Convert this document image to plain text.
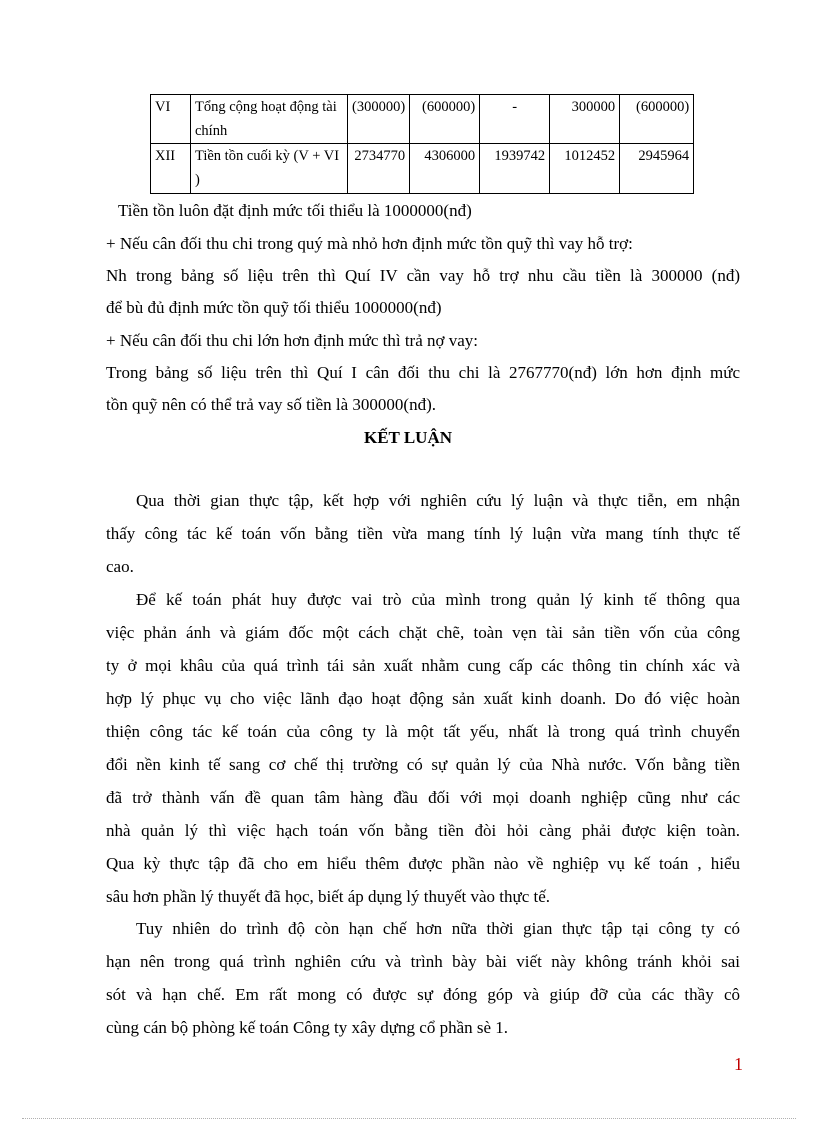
VI	Tổng cộng hoạt động tài chính	(300000)	(600000)	-	300000	(600000)
XII	Tiền tồn cuối kỳ (V + VI )	2734770	4306000	1939742	1012452	2945964
Tiền tồn luôn đặt định mức tối thiểu là 1000000(nđ)
+ Nếu cân đối thu chi trong quý mà nhỏ hơn định mức tồn quỹ thì vay hỗ trợ:
Nh trong bảng số liệu trên thì Quí IV cần vay hỗ trợ nhu cầu tiền là 300000 (nđ)
để bù đủ định mức tồn quỹ tối thiểu 1000000(nđ)
+ Nếu cân đối thu chi lớn hơn định mức thì trả nợ vay:
Trong bảng số liệu trên thì Quí I cân đối thu chi là 2767770(nđ) lớn hơn định mức
tồn quỹ nên có thể trả vay số tiền là 300000(nđ).
KẾT LUẬN
Qua thời gian thực tập, kết hợp với nghiên cứu lý luận và thực tiễn, em nhận
thấy công tác kế toán vốn bằng tiền vừa mang tính lý luận vừa mang tính thực tế
cao.
Để kế toán phát huy được vai trò của mình trong quản lý kinh tế thông qua
việc phản ánh và giám đốc một cách chặt chẽ, toàn vẹn tài sản tiền vốn của công
ty ở mọi khâu của quá trình tái sản xuất nhằm cung cấp các thông tin chính xác và
hợp lý phục vụ cho việc lãnh đạo hoạt động sản xuất kinh doanh. Do đó việc hoàn
thiện công tác kế toán của công ty là một tất yếu, nhất là trong quá trình chuyển
đổi nền kinh tế sang cơ chế thị trường có sự quản lý của Nhà nước. Vốn bằng tiền
đã trở thành vấn đề quan tâm hàng đầu đối với mọi doanh nghiệp cũng như các
nhà quản lý thì việc hạch toán vốn bằng tiền đòi hỏi càng phải được kiện toàn.
Qua kỳ thực tập đã cho em hiểu thêm được phần nào về nghiệp vụ kế toán , hiểu
sâu hơn phần lý thuyết đã học, biết áp dụng lý thuyết vào thực tế.
Tuy nhiên do trình độ còn hạn chế hơn nữa thời gian thực tập tại công ty có
hạn nên trong quá trình nghiên cứu và trình bày bài viết này không tránh khỏi sai
sót và hạn chế. Em rất mong có được sự đóng góp và giúp đỡ của các thầy cô
cùng cán bộ phòng kế toán Công ty xây dựng cổ phần sè 1.
1
